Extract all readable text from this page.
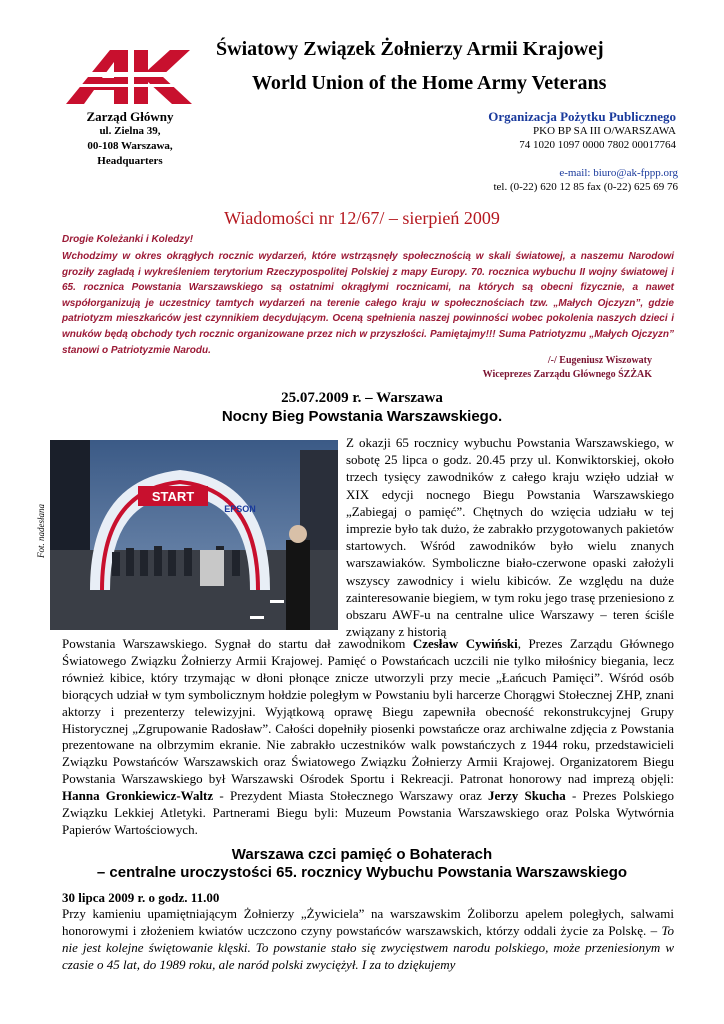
Światowy Związek Żołnierzy Armii Krajowej
World Union of the Home Army Veterans
Zarząd Główny
ul. Zielna 39,
00-108 Warszawa,
Headquarters
Organizacja Pożytku Publicznego
PKO BP SA III O/WARSZAWA
74 1020 1097 0000 7802 00017764
e-mail: biuro@ak-fppp.org
tel. (0-22) 620 12 85 fax (0-22) 625 69 76
Wiadomości nr 12/67/ – sierpień 2009
Drogie Koleżanki i Koledzy!
Wchodzimy w okres okrągłych rocznic wydarzeń, które wstrząsnęły społecznością w skali światowej, a naszemu Narodowi groziły zagładą i wykreśleniem terytorium Rzeczypospolitej Polskiej z mapy Europy. 70. rocznica wybuchu II wojny światowej i 65. rocznica Powstania Warszawskiego są ostatnimi okrągłymi rocznicami, na których są obecni fizycznie, a nawet współorganizują je uczestnicy tamtych wydarzeń na terenie całego kraju w społecznościach tzw. „Małych Ojczyzn”, gdzie patriotyzm mieszkańców jest czynnikiem decydującym. Oceną spełnienia naszej powinności wobec pokolenia naszych dzieci i wnuków będą obchody tych rocznic organizowane przez nich w przyszłości. Pamiętajmy!!! Suma Patriotyzmu „Małych Ojczyzn” stanowi o Patriotyzmie Narodu.
/-/ Eugeniusz Wiszowaty
Wiceprezes Zarządu Głównego ŚZŻAK
25.07.2009 r. – Warszawa
Nocny Bieg Powstania Warszawskiego.
START
EPSON
Fot. nadesłana
Z okazji 65 rocznicy wybuchu Powstania Warszawskiego, w sobotę 25 lipca o godz. 20.45 przy ul. Konwiktorskiej, około trzech tysięcy zawodników z całego kraju wzięło udział w XIX edycji nocnego Biegu Powstania Warszawskiego „Zabiegaj o pamięć”. Chętnych do wzięcia udziału w tej imprezie było tak dużo, że zabrakło przygotowanych pakietów startowych. Wśród zawodników było wielu znanych warszawiaków. Symboliczne biało-czerwone opaski założyli wszyscy zawodnicy i wielu kibiców. Ze względu na duże zainteresowanie biegiem, w tym roku jego trasę przeniesiono z obszaru AWF-u na centralne ulice Warszawy – teren ściśle związany z historią
Powstania Warszawskiego. Sygnał do startu dał zawodnikom Czesław Cywiński, Prezes Zarządu Głównego Światowego Związku Żołnierzy Armii Krajowej. Pamięć o Powstańcach uczcili nie tylko miłośnicy biegania, lecz również kibice, który trzymając w dłoni płonące znicze utworzyli przy mecie „Łańcuch Pamięci”. Wśród osób biorących udział w tym symbolicznym hołdzie poległym w Powstaniu byli harcerze Chorągwi Stołecznej ZHP, znani aktorzy i prezenterzy telewizyjni. Wyjątkową oprawę Biegu zapewniła obecność rekonstrukcyjnej Grupy Historycznej „Zgrupowanie Radosław”. Całości dopełniły piosenki powstańcze oraz archiwalne zdjęcia z Powstania prezentowane na olbrzymim ekranie. Nie zabrakło uczestników walk powstańczych z 1944 roku, przedstawicieli Związku Powstańców Warszawskich oraz Światowego Związku Żołnierzy Armii Krajowej. Organizatorem Biegu Powstania Warszawskiego był Warszawski Ośrodek Sportu i Rekreacji. Patronat honorowy nad imprezą objęli: Hanna Gronkiewicz-Waltz - Prezydent Miasta Stołecznego Warszawy oraz Jerzy Skucha - Prezes Polskiego Związku Lekkiej Atletyki. Partnerami Biegu byli: Muzeum Powstania Warszawskiego oraz Polska Wytwórnia Papierów Wartościowych.
Warszawa czci pamięć o Bohaterach
– centralne uroczystości 65. rocznicy Wybuchu Powstania Warszawskiego
30 lipca 2009 r. o godz. 11.00
Przy kamieniu upamiętniającym Żołnierzy „Żywiciela” na warszawskim Żoliborzu apelem poległych, salwami honorowymi i złożeniem kwiatów uczczono czyny powstańców warszawskich, którzy oddali życie za Polskę. – To nie jest kolejne świętowanie klęski. To powstanie stało się zwycięstwem narodu polskiego, może przeniesionym w czasie o 45 lat, do 1989 roku, ale naród polski zwyciężył. I za to dziękujemy
